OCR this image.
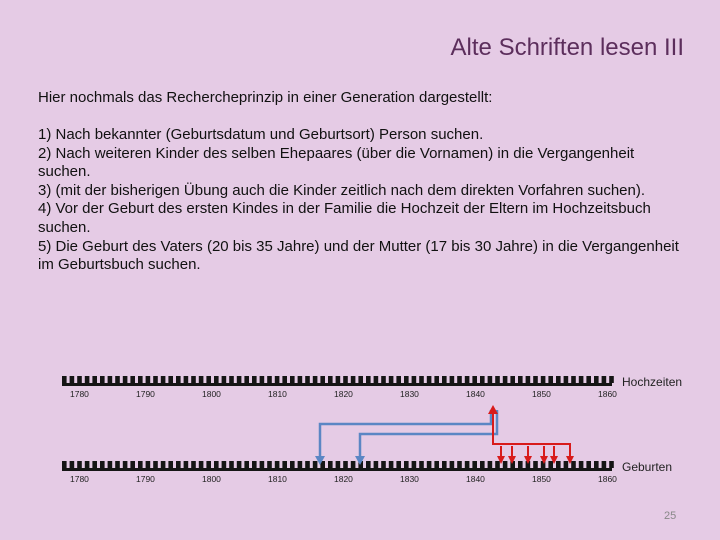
Alte Schriften lesen III
Hier nochmals das Rechercheprinzip in einer Generation dargestellt:
1) Nach bekannter (Geburtsdatum und Geburtsort) Person suchen.
2) Nach weiteren Kinder des selben Ehepaares (über die Vornamen) in die Vergangenheit suchen.
3) (mit der bisherigen Übung auch die Kinder zeitlich nach dem direkten Vorfahren suchen).
4) Vor der Geburt des ersten Kindes in der Familie die Hochzeit der Eltern im Hochzeitsbuch suchen.
5) Die Geburt des Vaters (20 bis 35 Jahre) und der Mutter (17 bis 30 Jahre) in die Vergangenheit im Geburtsbuch suchen.
1780	1790	1800	1810	1820	1830	1840	1850	1860
1780	1790	1800	1810	1820	1830	1840	1850	1860
Hochzeiten
Geburten
25
